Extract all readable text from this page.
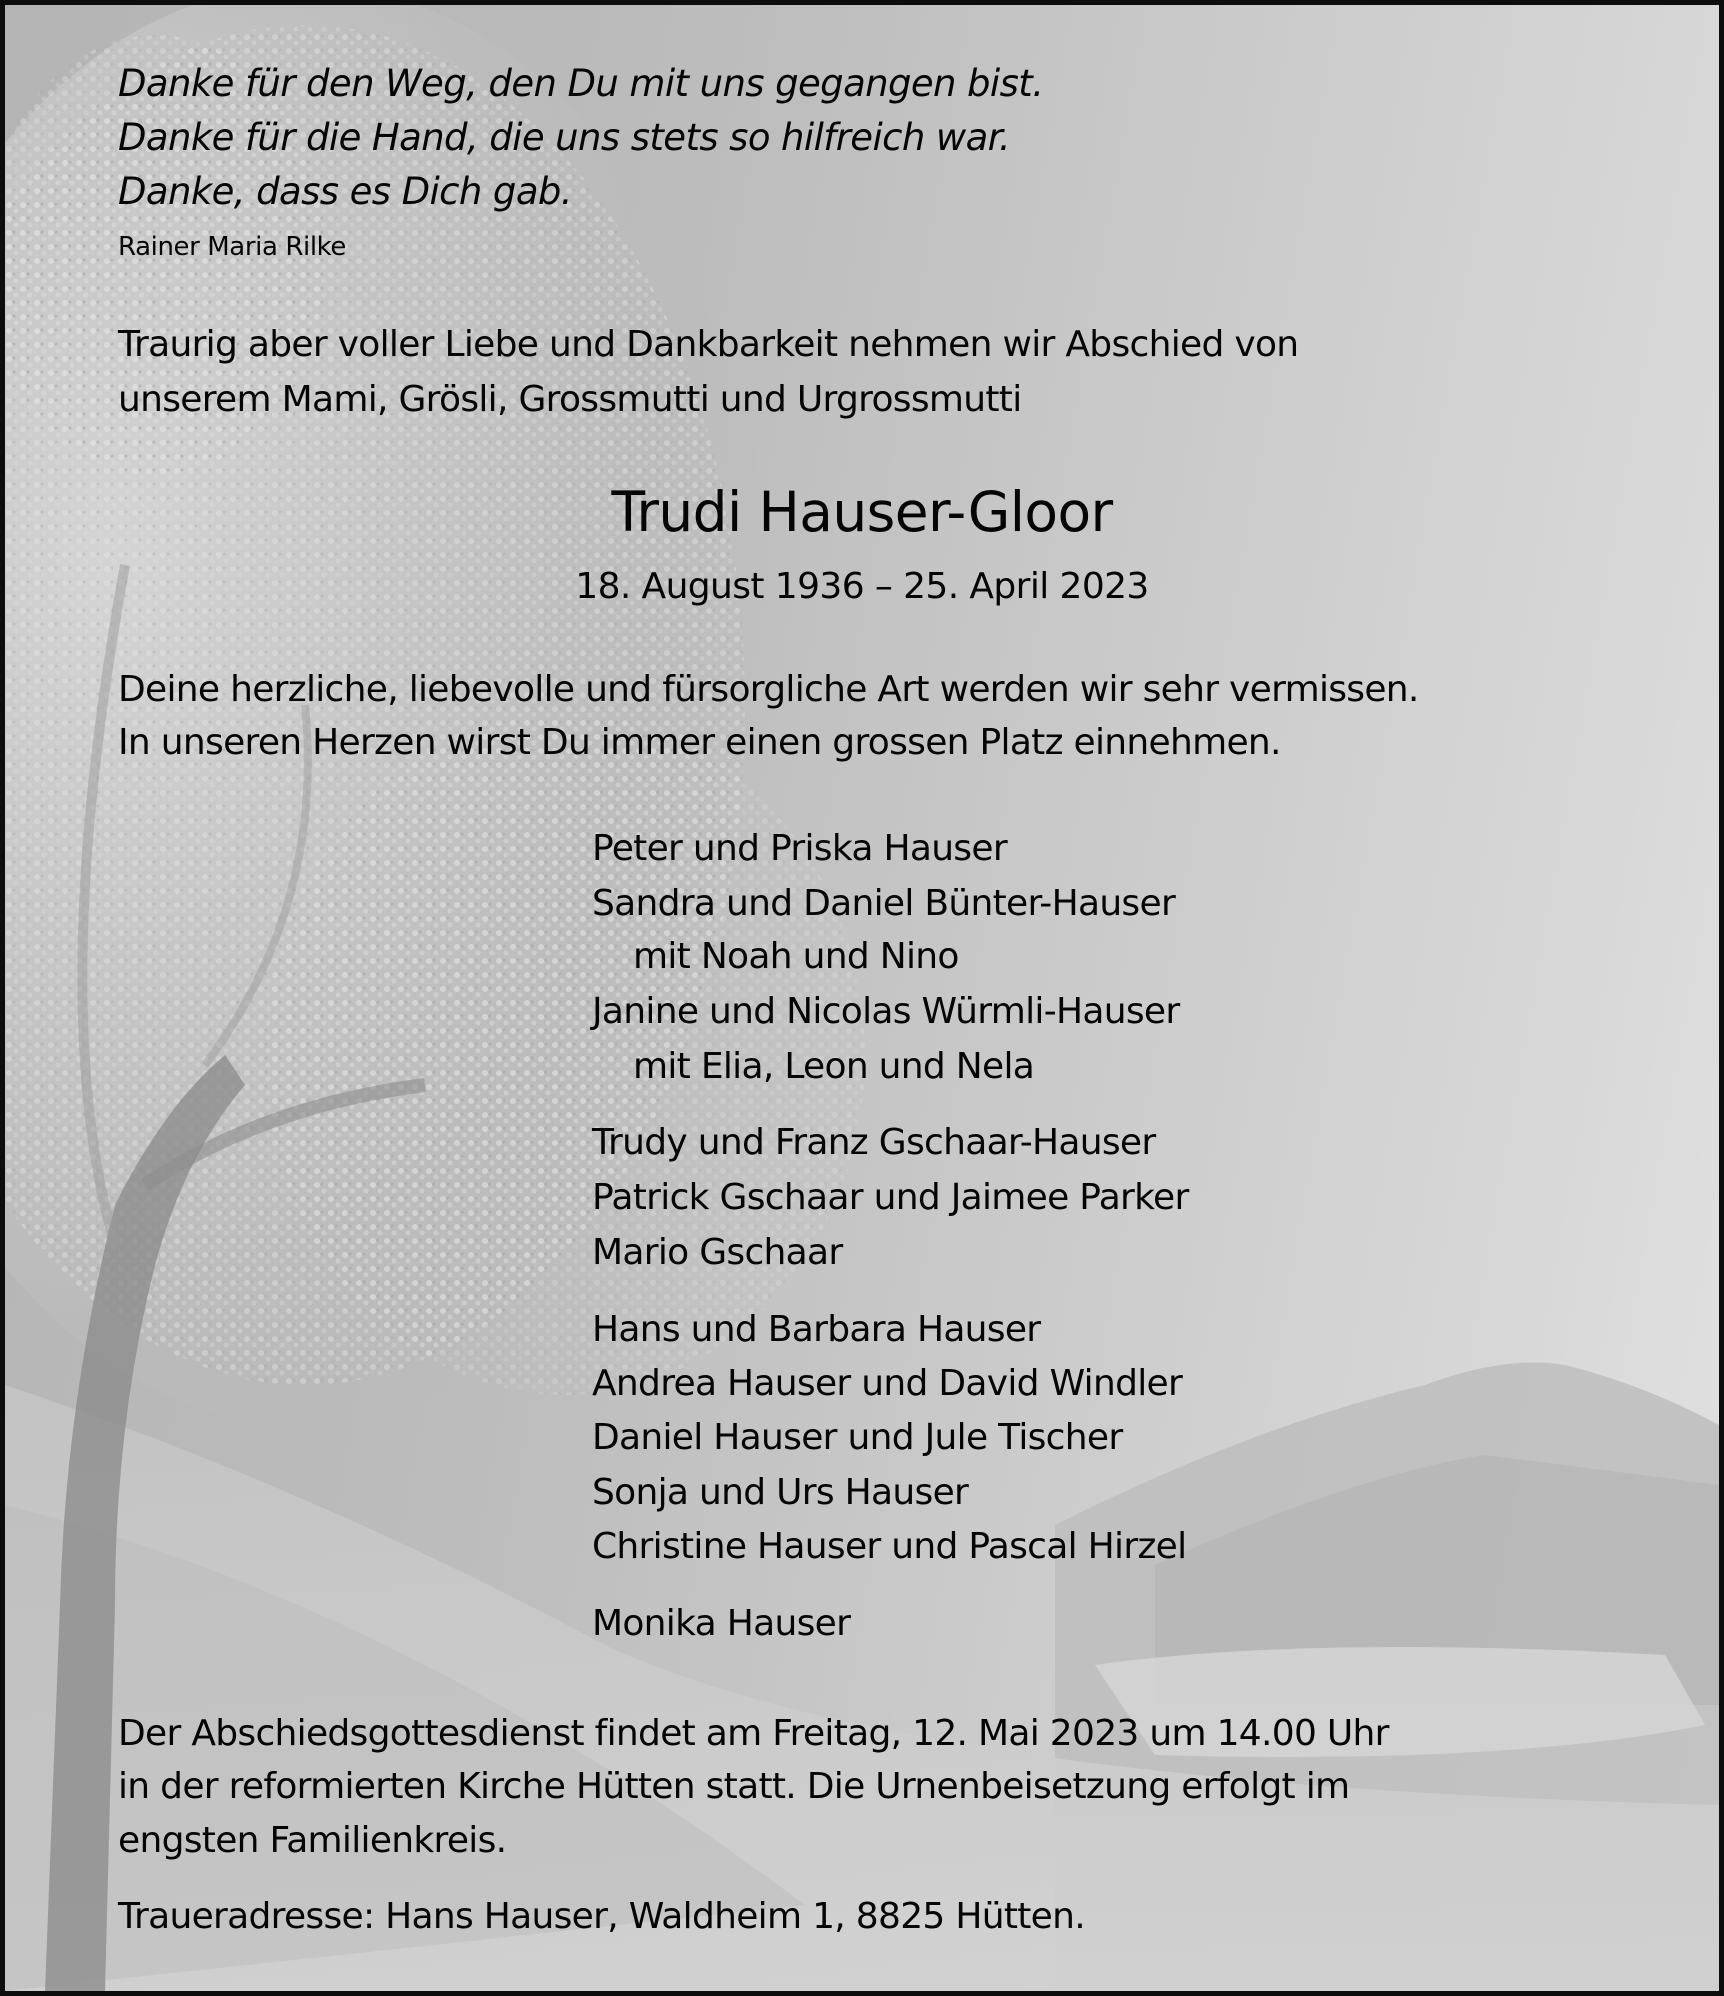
Danke für den Weg, den Du mit uns gegangen bist.
Danke für die Hand, die uns stets so hilfreich war.
Danke, dass es Dich gab.
Rainer Maria Rilke
Traurig aber voller Liebe und Dankbarkeit nehmen wir Abschied von
unserem Mami, Grösli, Grossmutti und Urgrossmutti
Trudi Hauser-Gloor
18. August 1936 – 25. April 2023
Deine herzliche, liebevolle und fürsorgliche Art werden wir sehr vermissen.
In unseren Herzen wirst Du immer einen grossen Platz einnehmen.
Peter und Priska Hauser
Sandra und Daniel Bünter-Hauser
mit Noah und Nino
Janine und Nicolas Würmli-Hauser
mit Elia, Leon und Nela
Trudy und Franz Gschaar-Hauser
Patrick Gschaar und Jaimee Parker
Mario Gschaar
Hans und Barbara Hauser
Andrea Hauser und David Windler
Daniel Hauser und Jule Tischer
Sonja und Urs Hauser
Christine Hauser und Pascal Hirzel
Monika Hauser
Der Abschiedsgottesdienst findet am Freitag, 12. Mai 2023 um 14.00 Uhr
in der reformierten Kirche Hütten statt. Die Urnenbeisetzung erfolgt im
engsten Familienkreis.
Traueradresse: Hans Hauser, Waldheim 1, 8825 Hütten.
